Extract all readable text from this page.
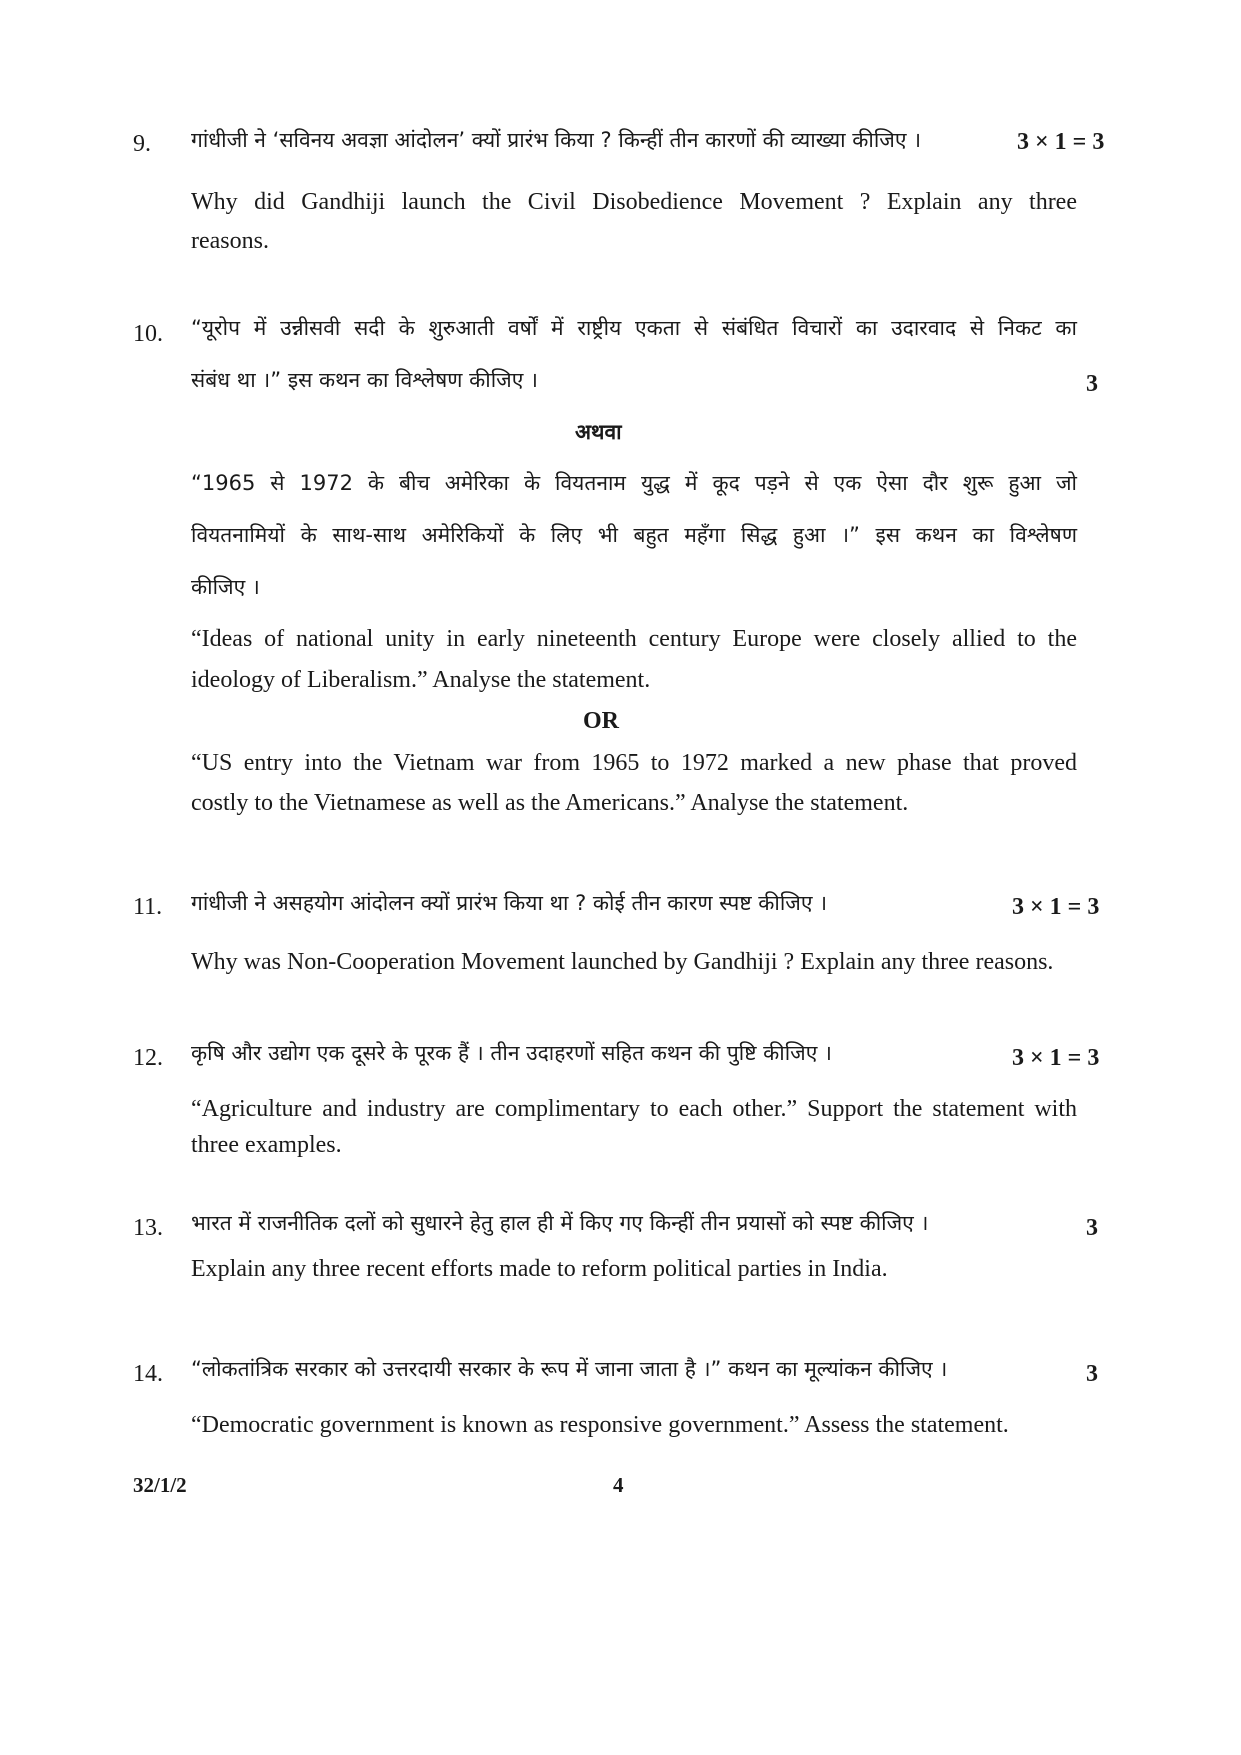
9. गांधीजी ने ‘सविनय अवज्ञा आंदोलन’ क्यों प्रारंभ किया ? किन्हीं तीन कारणों की व्याख्या कीजिए ।	3 × 1 = 3
Why did Gandhiji launch the Civil Disobedience Movement ? Explain any three
reasons.
10. “यूरोप में उन्नीसवी सदी के शुरुआती वर्षों में राष्ट्रीय एकता से संबंधित विचारों का उदारवाद से निकट का
संबंध था ।” इस कथन का विश्लेषण कीजिए ।	3
अथवा
“1965 से 1972 के बीच अमेरिका के वियतनाम युद्ध में कूद पड़ने से एक ऐसा दौर शुरू हुआ जो
वियतनामियों के साथ-साथ अमेरिकियों के लिए भी बहुत महँगा सिद्ध हुआ ।” इस कथन का विश्लेषण
कीजिए ।
“Ideas of national unity in early nineteenth century Europe were closely allied to the
ideology of Liberalism.” Analyse the statement.
OR
“US entry into the Vietnam war from 1965 to 1972 marked a new phase that proved
costly to the Vietnamese as well as the Americans.” Analyse the statement.
11. गांधीजी ने असहयोग आंदोलन क्यों प्रारंभ किया था ? कोई तीन कारण स्पष्ट कीजिए ।	3 × 1 = 3
Why was Non-Cooperation Movement launched by Gandhiji ? Explain any three reasons.
12. कृषि और उद्योग एक दूसरे के पूरक हैं । तीन उदाहरणों सहित कथन की पुष्टि कीजिए ।	3 × 1 = 3
“Agriculture and industry are complimentary to each other.” Support the statement with
three examples.
13. भारत में राजनीतिक दलों को सुधारने हेतु हाल ही में किए गए किन्हीं तीन प्रयासों को स्पष्ट कीजिए ।	3
Explain any three recent efforts made to reform political parties in India.
14. “लोकतांत्रिक सरकार को उत्तरदायी सरकार के रूप में जाना जाता है ।” कथन का मूल्यांकन कीजिए ।	3
“Democratic government is known as responsive government.” Assess the statement.
32/1/2	4
